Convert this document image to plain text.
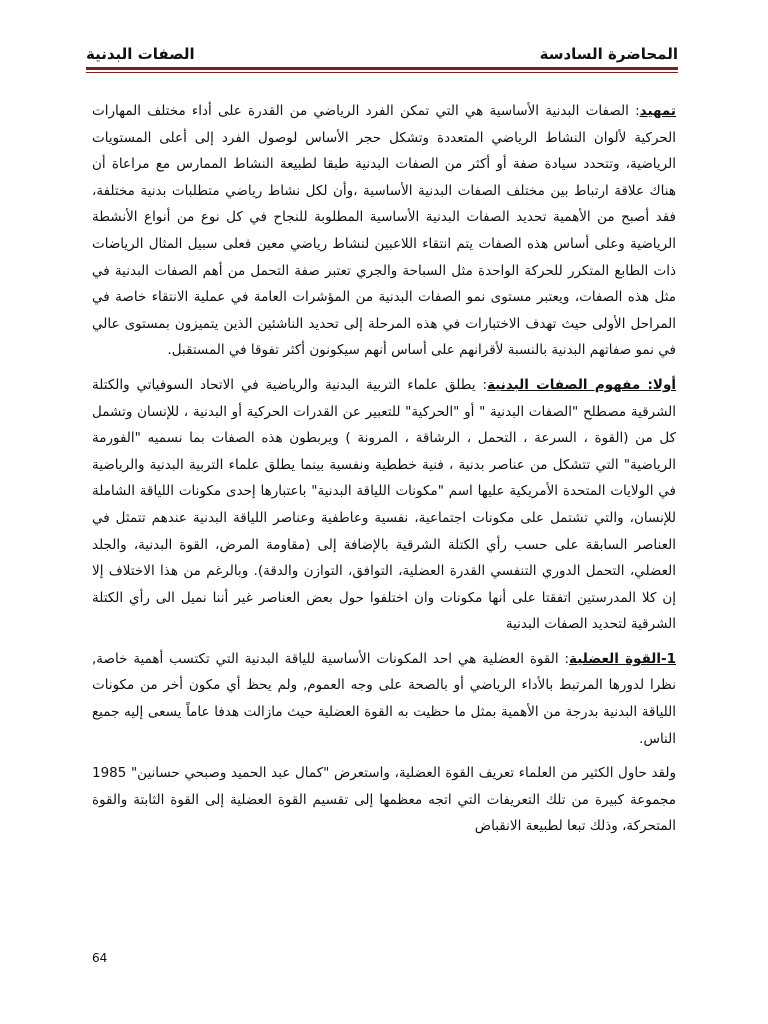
المحاضرة السادسة
الصفات البدنية

تمهيد: الصفات البدنية الأساسية هي التي تمكن الفرد الرياضي من القدرة على أداء مختلف المهارات الحركية لألوان النشاط الرياضي المتعددة وتشكل حجر الأساس لوصول الفرد إلى أعلى المستويات الرياضية، وتتحدد سيادة صفة أو أكثر من الصفات البدنية طبقا لطبيعة النشاط الممارس مع مراعاة أن هناك علاقة ارتباط بين مختلف الصفات البدنية الأساسية ،وأن لكل نشاط رياضي متطلبات بدنية مختلفة، فقد أصبح من الأهمية تحديد الصفات البدنية الأساسية المطلوبة للنجاح في كل نوع من أنواع الأنشطة الرياضية وعلى أساس هذه الصفات يتم انتقاء اللاعبين لنشاط رياضي معين فعلى سبيل المثال الرياضات ذات الطابع المتكرر للحركة الواحدة مثل السباحة والجري تعتبر صفة التحمل من أهم الصفات البدنية في مثل هذه الصفات، ويعتبر مستوى نمو الصفات البدنية من المؤشرات العامة في عملية الانتقاء خاصة في المراحل الأولى حيث تهدف الاختبارات في هذه المرحلة إلى تحديد الناشئين الذين يتميزون بمستوى عالي في نمو صفاتهم البدنية بالنسبة لأقرانهم على أساس أنهم سيكونون أكثر تفوقا في المستقبل.

أولا: مفهوم الصفات البدنية: يطلق علماء التربية البدنية والرياضية في الاتحاد السوفياتي والكتلة الشرقية مصطلح "الصفات البدنية " أو "الحركية" للتعبير عن القدرات الحركية أو البدنية ، للإنسان وتشمل كل من (القوة ، السرعة ، التحمل ، الرشاقة ، المرونة ) ويربطون هذه الصفات بما نسميه "الفورمة الرياضية" التي تتشكل من عناصر بدنية ، فنية خططية ونفسية بينما يطلق علماء التربية البدنية والرياضية في الولايات المتحدة الأمريكية عليها اسم "مكونات اللياقة البدنية" باعتبارها إحدى مكونات اللياقة الشاملة للإنسان، والتي تشتمل على مكونات اجتماعية، نفسية وعاطفية وعناصر اللياقة البدنية عندهم تتمثل في العناصر السابقة على حسب رأي الكتلة الشرقية بالإضافة إلى (مقاومة المرض، القوة البدنية، والجلد العضلي، التحمل الدوري التنفسي القدرة العضلية، التوافق، التوازن والدقة). وبالرغم من هذا الاختلاف إلا إن كلا المدرستين اتفقتا على أنها مكونات وان اختلفوا حول بعض العناصر غير أننا نميل الى رأي الكتلة الشرقية لتحديد الصفات البدنية

1-القوة العضلية: القوة العضلية هي احد المكونات الأساسية للياقة البدنية التي تكتسب أهمية خاصة, نظرا لدورها المرتبط بالأداء الرياضي أو بالصحة على وجه العموم, ولم يحظ أي مكون أخر من مكونات اللياقة البدنية بدرجة من الأهمية بمثل ما حظيت به القوة العضلية حيث مازالت هدفا عاماً يسعى إليه جميع الناس.

ولقد حاول الكثير من العلماء تعريف القوة العضلية، واستعرض "كمال عبد الحميد وصبحي حسانين" 1985 مجموعة كبيرة من تلك التعريفات التي اتجه معظمها إلى تقسيم القوة العضلية إلى القوة الثابتة والقوة المتحركة، وذلك تبعا لطبيعة الانقباض

64
